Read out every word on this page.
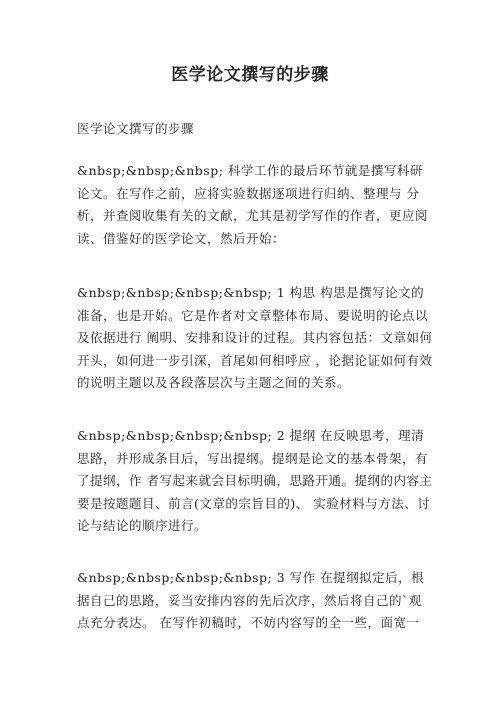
医学论文撰写的步骤
医学论文撰写的步骤
&nbsp;&nbsp;&nbsp; 科学工作的最后环节就是撰写科研论文。在写作之前，应将实验数据逐项进行归纳、整理与 分析，并查阅收集有关的文献，尤其是初学写作的作者，更应阅读、借鉴好的医学论文，然后开始：
&nbsp;&nbsp;&nbsp;&nbsp; 1 构思 构思是撰写论文的准备，也是开始。它是作者对文章整体布局、要说明的论点以及依据进行 阐明、安排和设计的过程。其内容包括：文章如何开头，如何进一步引深，首尾如何相呼应 ，论据论证如何有效的说明主题以及各段落层次与主题之间的关系。
&nbsp;&nbsp;&nbsp;&nbsp; 2 提纲 在反映思考，理清思路，并形成条目后，写出提纲。提纲是论文的基本骨架，有了提纲，作 者写起来就会目标明确，思路开通。提纲的内容主要是按题题目、前言(文章的宗旨目的)、 实验材料与方法、讨论与结论的顺序进行。
&nbsp;&nbsp;&nbsp;&nbsp; 3 写作 在提纲拟定后，根据自己的思路，妥当安排内容的先后次序，然后将自己的`观点充分表达。 在写作初稿时，不妨内容写的全一些，面宽一
